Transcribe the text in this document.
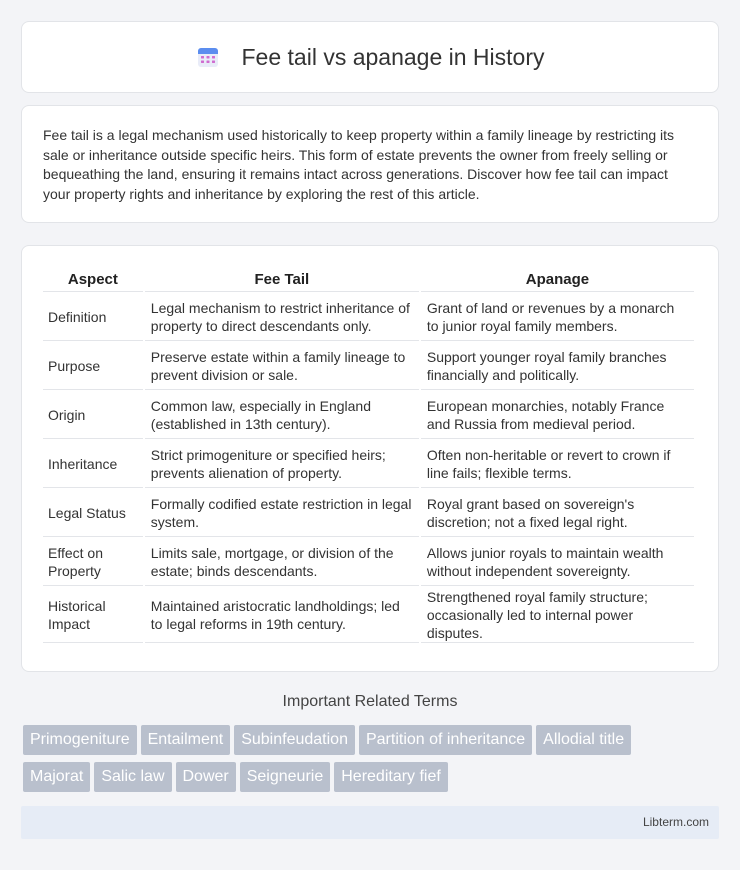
Fee tail vs apanage in History

Fee tail is a legal mechanism used historically to keep property within a family lineage by restricting its sale or inheritance outside specific heirs. This form of estate prevents the owner from freely selling or bequeathing the land, ensuring it remains intact across generations. Discover how fee tail can impact your property rights and inheritance by exploring the rest of this article.

Aspect	Fee Tail	Apanage
Definition	Legal mechanism to restrict inheritance of property to direct descendants only.	Grant of land or revenues by a monarch to junior royal family members.
Purpose	Preserve estate within a family lineage to prevent division or sale.	Support younger royal family branches financially and politically.
Origin	Common law, especially in England (established in 13th century).	European monarchies, notably France and Russia from medieval period.
Inheritance	Strict primogeniture or specified heirs; prevents alienation of property.	Often non-heritable or revert to crown if line fails; flexible terms.
Legal Status	Formally codified estate restriction in legal system.	Royal grant based on sovereign's discretion; not a fixed legal right.
Effect on Property	Limits sale, mortgage, or division of the estate; binds descendants.	Allows junior royals to maintain wealth without independent sovereignty.
Historical Impact	Maintained aristocratic landholdings; led to legal reforms in 19th century.	Strengthened royal family structure; occasionally led to internal power disputes.
Important Related Terms
Primogeniture Entailment Subinfeudation Partition of inheritance Allodial title
Majorat Salic law Dower Seigneurie Hereditary fief
Libterm.com
